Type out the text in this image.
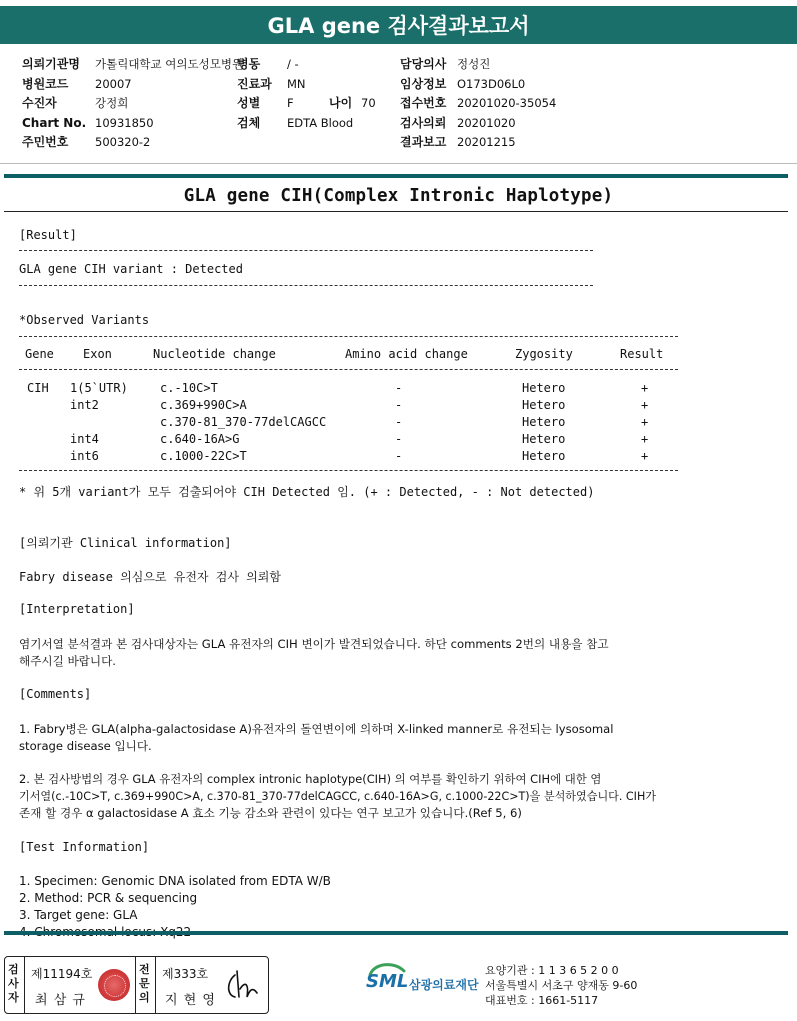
GLA gene 검사결과보고서
의뢰기관명	가톨릭대학교 여의도성모병원
병원코드	20007
수진자	강정희
Chart No. 10931850
주민번호	500320-2
병동	/ -
진료과	MN
성별	F	나이 70
검체	EDTA Blood
담당의사 정성진
임상정보 O173D06L0
접수번호 20201020-35054
검사의뢰 20201020
결과보고 20201215
GLA gene CIH(Complex Intronic Haplotype)
[Result]
GLA gene CIH variant : Detected
*Observed Variants
Gene Exon	Nucleotide change	Amino acid change	Zygosity	Result
CIH 1(5`UTR)	c.-10C>T	-	Hetero	+
int2	c.369+990C>A	-	Hetero	+
c.370-81_370-77delCAGCC	-	Hetero	+
int4	c.640-16A>G	-	Hetero	+
int6	c.1000-22C>T	-	Hetero	+
* 위 5개 variant가 모두 검출되어야 CIH Detected 임. (+ : Detected, - : Not detected)
[의뢰기관 Clinical information]
Fabry disease 의심으로 유전자 검사 의뢰함
[Interpretation]
염기서열 분석결과 본 검사대상자는 GLA 유전자의 CIH 변이가 발견되었습니다. 하단 comments 2번의 내용을 참고
해주시길 바랍니다.
[Comments]
1. Fabry병은 GLA(alpha-galactosidase A)유전자의 돌연변이에 의하며 X-linked manner로 유전되는 lysosomal
storage disease 입니다.
2. 본 검사방법의 경우 GLA 유전자의 complex intronic haplotype(CIH) 의 여부를 확인하기 위하여 CIH에 대한 염
기서열(c.-10C>T, c.369+990C>A, c.370-81_370-77delCAGCC, c.640-16A>G, c.1000-22C>T)을 분석하였습니다. CIH가
존재 할 경우 α galactosidase A 효소 기능 감소와 관련이 있다는 연구 보고가 있습니다.(Ref 5, 6)
[Test Information]
1. Specimen: Genomic DNA isolated from EDTA W/B
2. Method: PCR & sequencing
3. Target gene: GLA
검사자
제11194호
최 삼 규
전문의
제333호
지 현 영
SML 삼광의료재단
요양기관 : 1 1 3 6 5 2 0 0
서울특별시 서초구 양재동 9-60
대표번호 : 1661-5117
